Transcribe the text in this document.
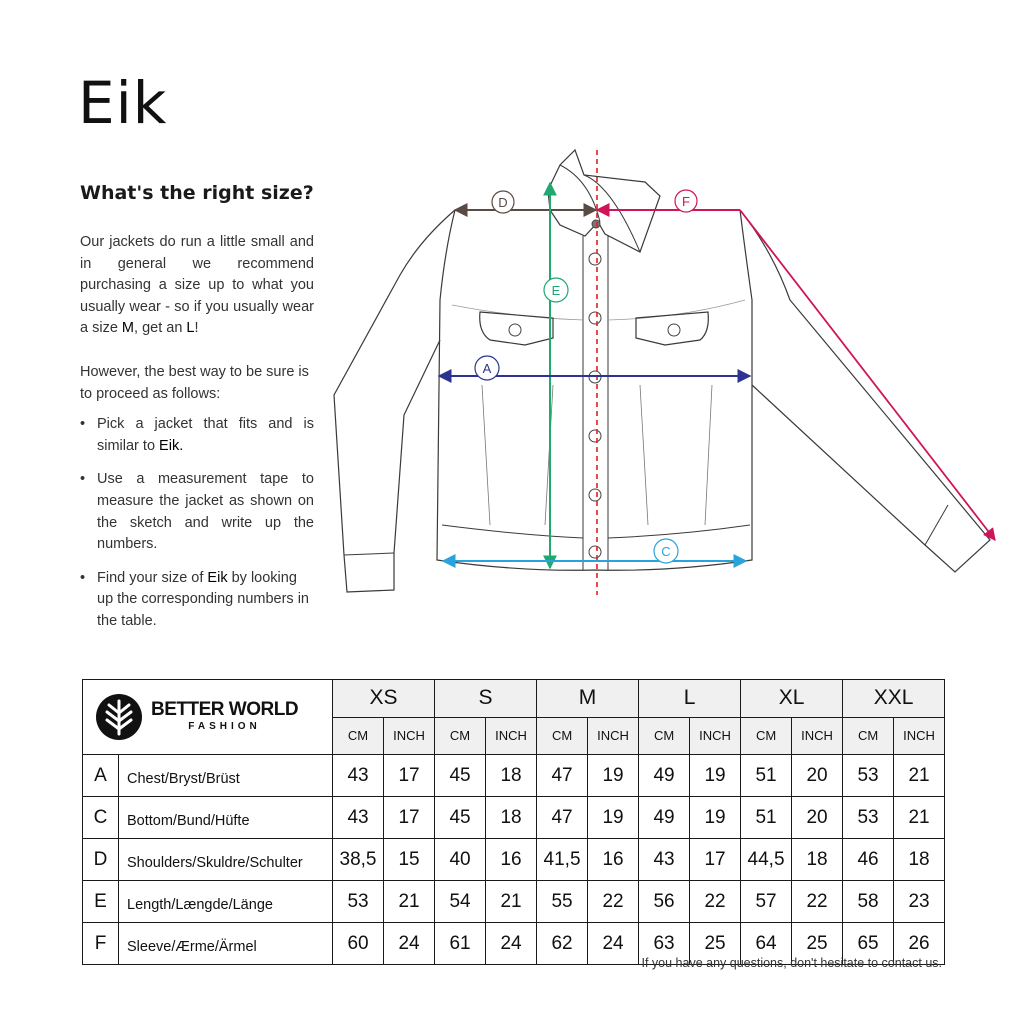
Eik
What's the right size?

Our jackets do run a little small and in general we recommend purchasing a size up to what you usually wear - so if you usually wear a size M, get an L!

However, the best way to be sure is to proceed as follows:

• Pick a jacket that fits and is similar to Eik.
• Use a measurement tape to measure the jacket as shown on the sketch and write up the numbers.
• Find your size of Eik by looking up the corresponding numbers in the table.
D	F
E
A
C
BETTER WORLD
FASHION		XS		S		M		L		XL		XXL	
		CM	INCH	CM	INCH	CM	INCH	CM	INCH	CM	INCH	CM	INCH
A	Chest/Bryst/Brüst	43	17	45	18	47	19	49	19	51	20	53	21
C	Bottom/Bund/Hüfte	43	17	45	18	47	19	49	19	51	20	53	21
D	Shoulders/Skuldre/Schulter	38,5	15	40	16	41,5	16	43	17	44,5	18	46	18
E	Length/Længde/Länge	53	21	54	21	55	22	56	22	57	22	58	23
F	Sleeve/Ærme/Ärmel	60	24	61	24	62	24	63	25	64	25	65	26
If you have any questions, don't hesitate to contact us.
